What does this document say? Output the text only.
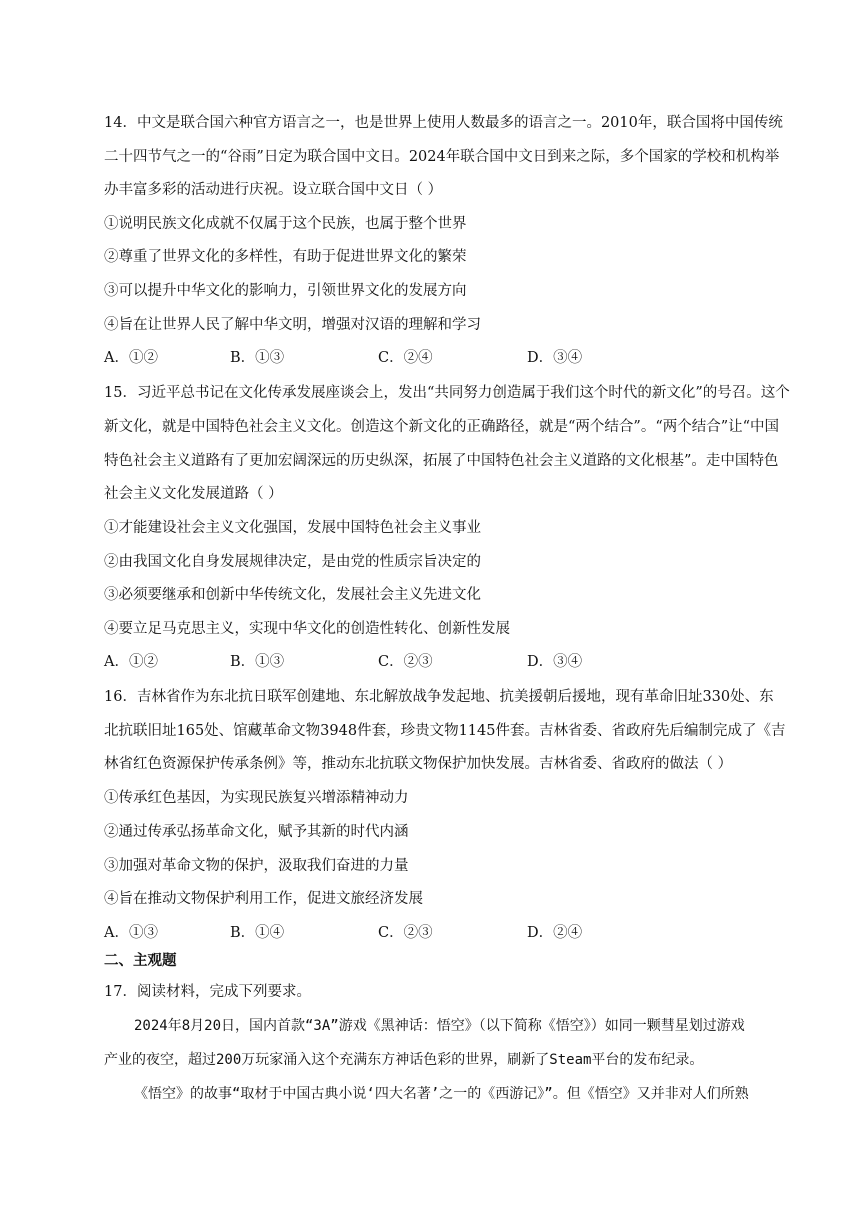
14．中文是联合国六种官方语言之一，也是世界上使用人数最多的语言之一。2010年，联合国将中国传统
二十四节气之一的“谷雨”日定为联合国中文日。2024年联合国中文日到来之际，多个国家的学校和机构举
办丰富多彩的活动进行庆祝。设立联合国中文日（ ）
①说明民族文化成就不仅属于这个民族，也属于整个世界
②尊重了世界文化的多样性，有助于促进世界文化的繁荣
③可以提升中华文化的影响力，引领世界文化的发展方向
④旨在让世界人民了解中华文明，增强对汉语的理解和学习
A．①②	B．①③	C．②④	D．③④
15．习近平总书记在文化传承发展座谈会上，发出“共同努力创造属于我们这个时代的新文化”的号召。这个
新文化，就是中国特色社会主义文化。创造这个新文化的正确路径，就是“两个结合”。“两个结合”让“中国
特色社会主义道路有了更加宏阔深远的历史纵深，拓展了中国特色社会主义道路的文化根基”。走中国特色
社会主义文化发展道路（ ）
①才能建设社会主义文化强国，发展中国特色社会主义事业
②由我国文化自身发展规律决定，是由党的性质宗旨决定的
③必须要继承和创新中华传统文化，发展社会主义先进文化
④要立足马克思主义，实现中华文化的创造性转化、创新性发展
A．①②	B．①③	C．②③	D．③④
16．吉林省作为东北抗日联军创建地、东北解放战争发起地、抗美援朝后援地，现有革命旧址330处、东
北抗联旧址165处、馆藏革命文物3948件套，珍贵文物1145件套。吉林省委、省政府先后编制完成了《吉
林省红色资源保护传承条例》等，推动东北抗联文物保护加快发展。吉林省委、省政府的做法（ ）
①传承红色基因，为实现民族复兴增添精神动力
②通过传承弘扬革命文化，赋予其新的时代内涵
③加强对革命文物的保护，汲取我们奋进的力量
④旨在推动文物保护利用工作，促进文旅经济发展
A．①③	B．①④	C．②③	D．②④
二、主观题
17．阅读材料，完成下列要求。
2024年8月20日，国内首款“3A”游戏《黑神话：悟空》（以下简称《悟空》）如同一颗彗星划过游戏
产业的夜空，超过200万玩家涌入这个充满东方神话色彩的世界，刷新了Steam平台的发布纪录。
《悟空》的故事“取材于中国古典小说‘四大名著’之一的《西游记》”。但《悟空》又并非对人们所熟
